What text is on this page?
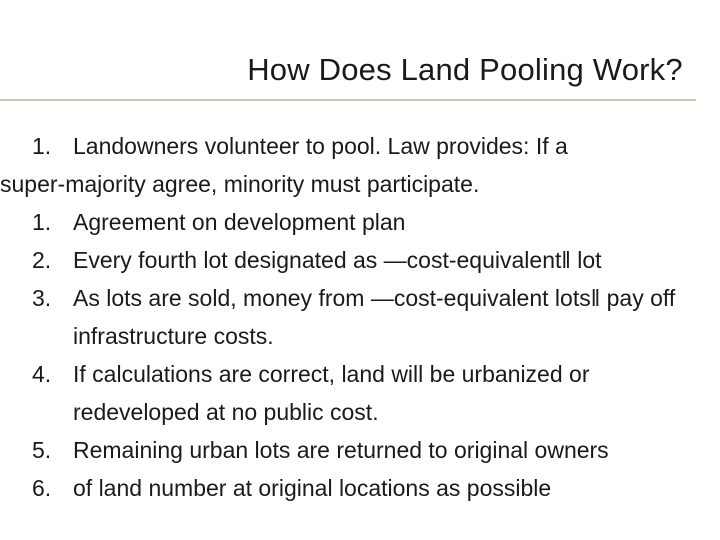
How Does Land Pooling Work?

1. Landowners volunteer to pool. Law provides: If a
super-majority agree, minority must participate.

1. Agreement on development plan
2. Every fourth lot designated as —cost-equivalent‖ lot
3. As lots are sold, money from —cost-equivalent lots‖ pay off infrastructure costs.
4. If calculations are correct, land will be urbanized or redeveloped at no public cost.
5. Remaining urban lots are returned to original owners
6. of land number at original locations as possible
